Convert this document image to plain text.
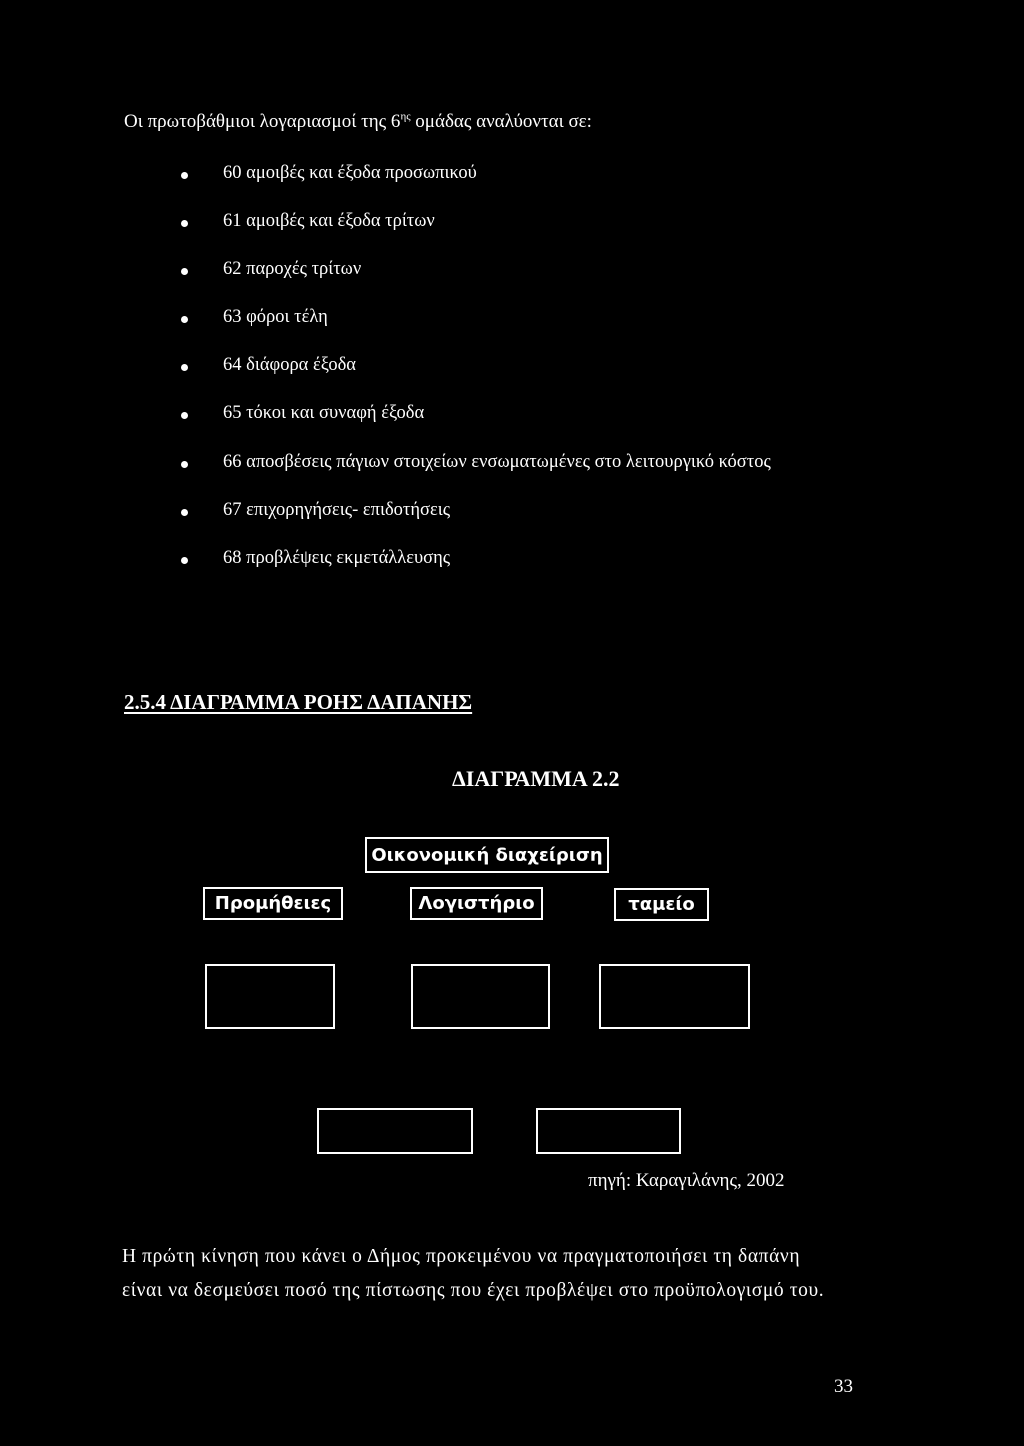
Οι πρωτοβάθμιοι λογαριασμοί της $6^{\eta\varsigma}$ ομάδας αναλύονται σε:
60 αμοιβές και έξοδα προσωπικού
61 αμοιβές και έξοδα τρίτων
62 παροχές τρίτων
63 φόροι τέλη
64 διάφορα έξοδα
65 τόκοι και συναφή έξοδα
66 αποσβέσεις πάγιων στοιχείων ενσωματωμένες στο λειτουργικό κόστος
67 επιχορηγήσεις- επιδοτήσεις
68 προβλέψεις εκμετάλλευσης
2.5.4 ΔΙΑΓΡΑΜΜΑ ΡΟΗΣ ΔΑΠΑΝΗΣ
ΔΙΑΓΡΑΜΜΑ 2.2
Οικονομική διαχείριση
Προμήθειες	Λογιστήριο	ταμείο
πηγή: Καραγιλάνης, 2002
Η πρώτη κίνηση που κάνει ο Δήμος προκειμένου να πραγματοποιήσει τη δαπάνη
είναι να δεσμεύσει ποσό της πίστωσης που έχει προβλέψει στο προϋπολογισμό του.
33
